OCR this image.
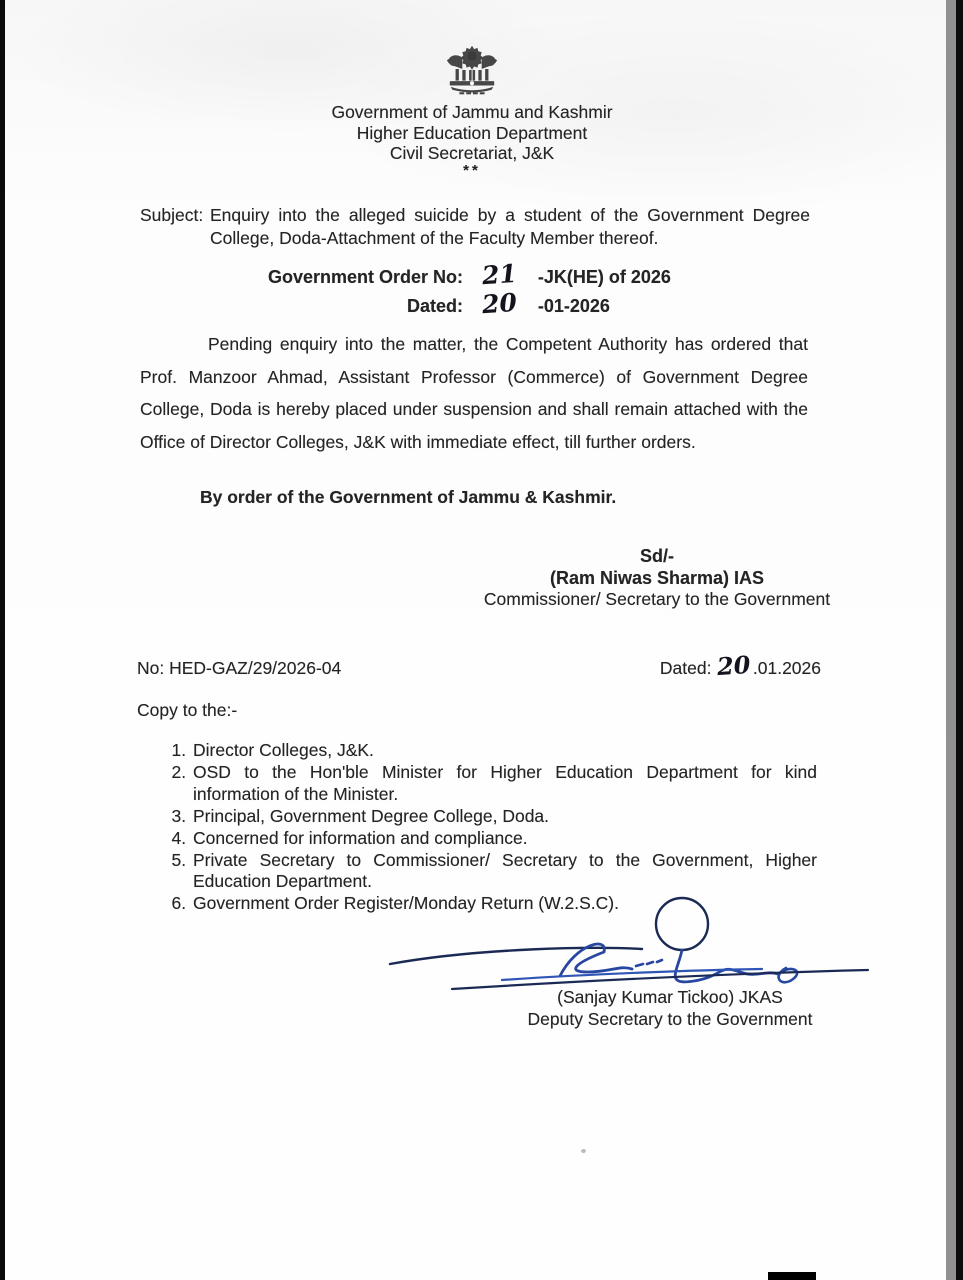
Government of Jammu and Kashmir
Higher Education Department
Civil Secretariat, J&K
**
Subject: Enquiry into the alleged suicide by a student of the Government Degree College, Doda-Attachment of the Faculty Member thereof.
Government Order No: 21 -JK(HE) of 2026
Dated: 20 -01-2026
Pending enquiry into the matter, the Competent Authority has ordered that Prof. Manzoor Ahmad, Assistant Professor (Commerce) of Government Degree College, Doda is hereby placed under suspension and shall remain attached with the Office of Director Colleges, J&K with immediate effect, till further orders.
By order of the Government of Jammu & Kashmir.
Sd/-
(Ram Niwas Sharma) IAS
Commissioner/ Secretary to the Government
No: HED-GAZ/29/2026-04	Dated: 20.01.2026
Copy to the:-
1. Director Colleges, J&K.
2. OSD to the Hon'ble Minister for Higher Education Department for kind information of the Minister.
3. Principal, Government Degree College, Doda.
4. Concerned for information and compliance.
5. Private Secretary to Commissioner/ Secretary to the Government, Higher Education Department.
6. Government Order Register/Monday Return (W.2.S.C).
(Sanjay Kumar Tickoo) JKAS
Deputy Secretary to the Government
